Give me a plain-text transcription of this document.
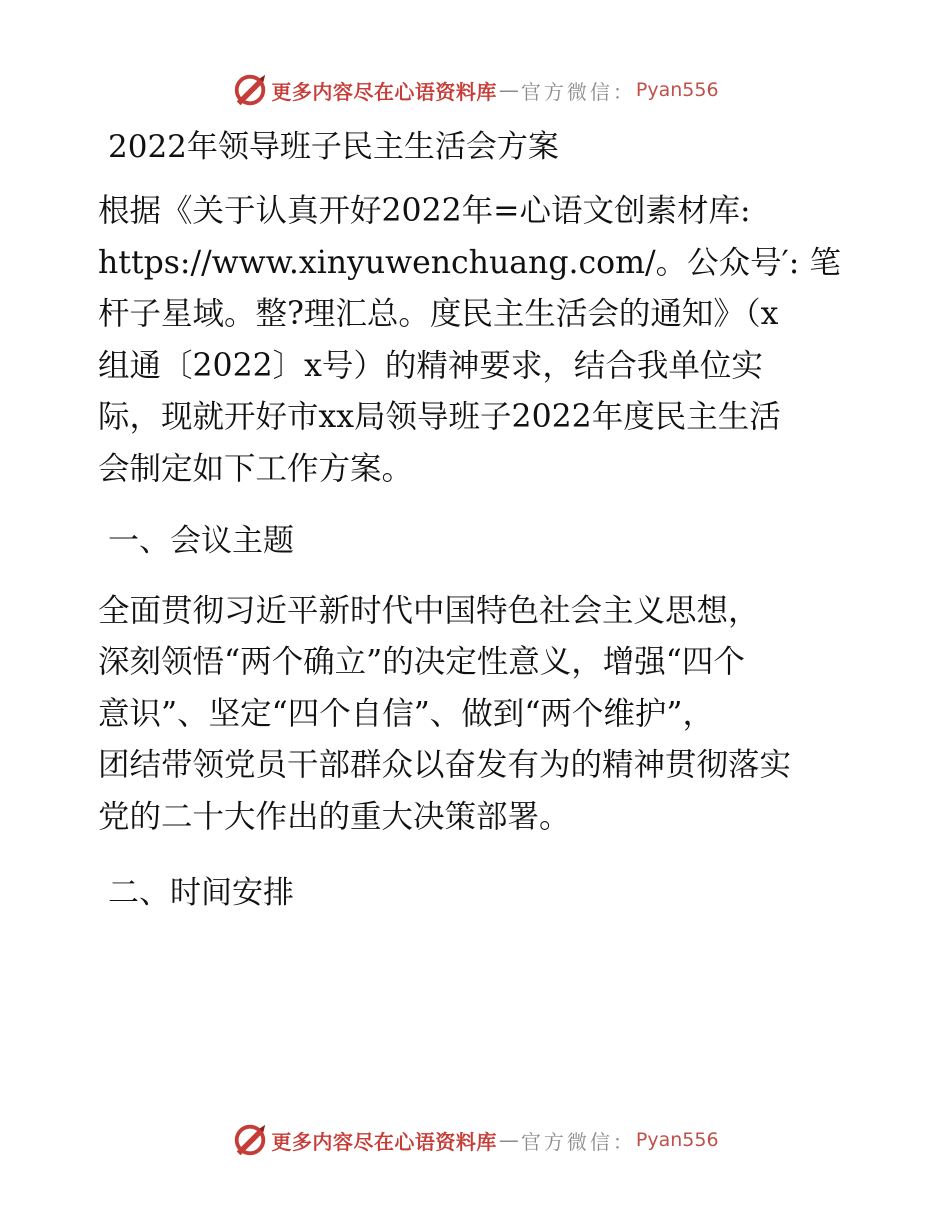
更多内容尽在心语资料库 — 官方微信： Pyan556
2022年领导班子民主生活会方案

根据《关于认真开好2022年=心语文创素材库:
https://www.xinyuwenchuang.com/。公众号′: 笔
杆子星域。整?理汇总。度民主生活会的通知》（x
组通〔2022〕x号）的精神要求，结合我单位实
际，现就开好市xx局领导班子2022年度民主生活
会制定如下工作方案。

一、会议主题

全面贯彻习近平新时代中国特色社会主义思想，
深刻领悟“两个确立”的决定性意义，增强“四个
意识”、坚定“四个自信”、做到“两个维护”，
团结带领党员干部群众以奋发有为的精神贯彻落实
党的二十大作出的重大决策部署。

二、时间安排
更多内容尽在心语资料库 — 官方微信： Pyan556
